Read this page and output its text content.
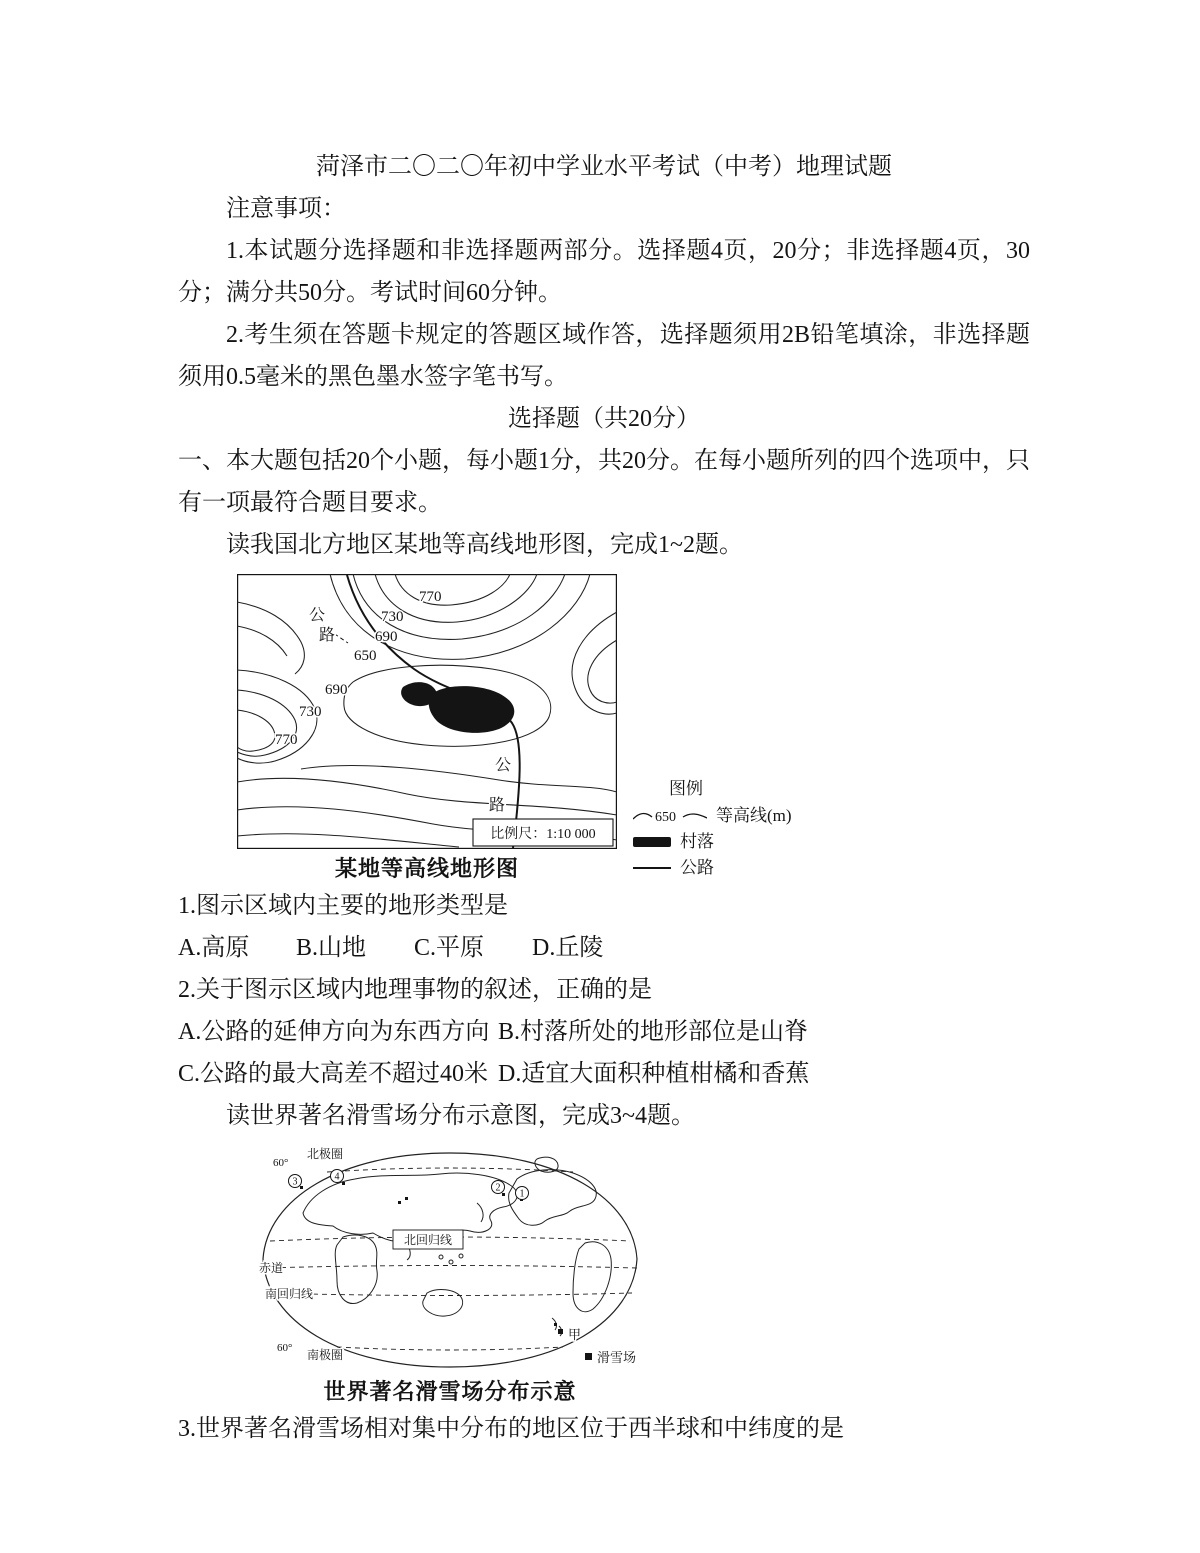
菏泽市二〇二〇年初中学业水平考试（中考）地理试题

注意事项：

1.本试题分选择题和非选择题两部分。选择题4页，20分；非选择题4页，30分；满分共50分。考试时间60分钟。

2.考生须在答题卡规定的答题区域作答，选择题须用2B铅笔填涂，非选择题须用0.5毫米的黑色墨水签字笔书写。

选择题（共20分）

一、本大题包括20个小题，每小题1分，共20分。在每小题所列的四个选项中，只有一项最符合题目要求。

读我国北方地区某地等高线地形图，完成1~2题。

770
730
690
650
690
730
770
公
路
公
路
比例尺：1:10 000
某地等高线地形图
图例
650 等高线(m)
村落
公路

1.图示区域内主要的地形类型是

A.高原	B.山地	C.平原	D.丘陵

2.关于图示区域内地理事物的叙述，正确的是

A.公路的延伸方向为东西方向 B.村落所处的地形部位是山脊
C.公路的最大高差不超过40米 D.适宜大面积种植柑橘和香蕉

读世界著名滑雪场分布示意图，完成3~4题。

3	4
2
1
60°
北极圈
赤道
南回归线
60° 南极圈
北回归线
甲
滑雪场
世界著名滑雪场分布示意

3.世界著名滑雪场相对集中分布的地区位于西半球和中纬度的是
